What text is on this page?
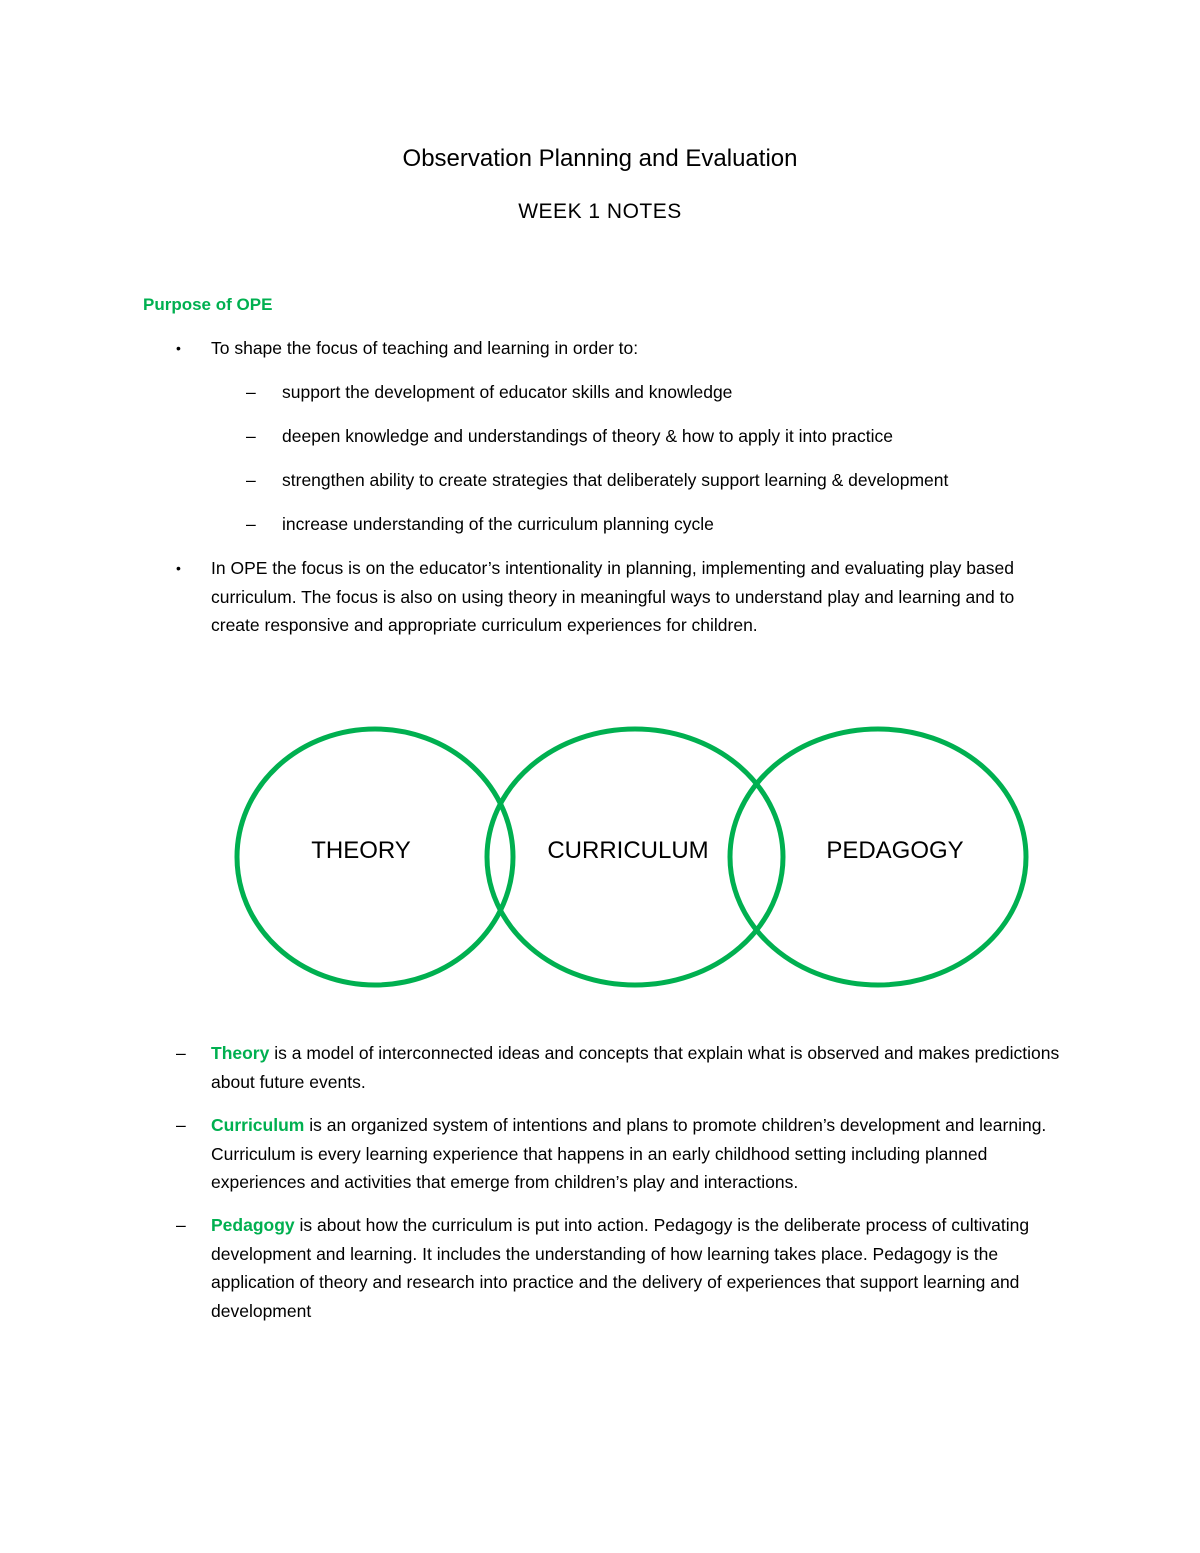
Observation Planning and Evaluation
WEEK 1 NOTES
Purpose of OPE
• To shape the focus of teaching and learning in order to:
– support the development of educator skills and knowledge
– deepen knowledge and understandings of theory & how to apply it into practice
– strengthen ability to create strategies that deliberately support learning & development
– increase understanding of the curriculum planning cycle
• In OPE the focus is on the educator’s intentionality in planning, implementing and evaluating play based curriculum. The focus is also on using theory in meaningful ways to understand play and learning and to create responsive and appropriate curriculum experiences for children.
THEORY	CURRICULUM	PEDAGOGY
– Theory is a model of interconnected ideas and concepts that explain what is observed and makes predictions about future events.
– Curriculum is an organized system of intentions and plans to promote children’s development and learning. Curriculum is every learning experience that happens in an early childhood setting including planned experiences and activities that emerge from children’s play and interactions.
– Pedagogy is about how the curriculum is put into action. Pedagogy is the deliberate process of cultivating development and learning. It includes the understanding of how learning takes place. Pedagogy is the application of theory and research into practice and the delivery of experiences that support learning and development
